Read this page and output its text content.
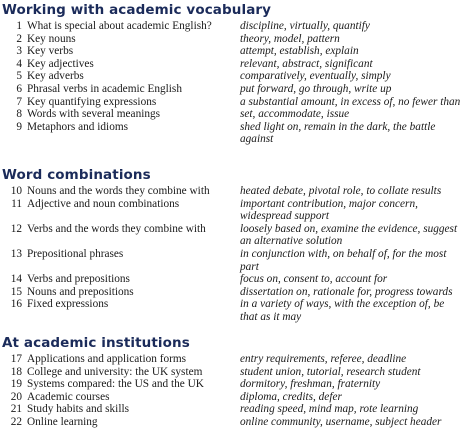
Working with academic vocabulary
1 What is special about academic English?	discipline, virtually, quantify
2 Key nouns	theory, model, pattern
3 Key verbs	attempt, establish, explain
4 Key adjectives	relevant, abstract, significant
5 Key adverbs	comparatively, eventually, simply
6 Phrasal verbs in academic English	put forward, go through, write up
7 Key quantifying expressions	a substantial amount, in excess of, no fewer than
8 Words with several meanings	set, accommodate, issue
9 Metaphors and idioms	shed light on, remain in the dark, the battle against
Word combinations
10 Nouns and the words they combine with	heated debate, pivotal role, to collate results
11 Adjective and noun combinations	important contribution, major concern, widespread support
12 Verbs and the words they combine with	loosely based on, examine the evidence, suggest an alternative solution
13 Prepositional phrases	in conjunction with, on behalf of, for the most part
14 Verbs and prepositions	focus on, consent to, account for
15 Nouns and prepositions	dissertation on, rationale for, progress towards
16 Fixed expressions	in a variety of ways, with the exception of, be that as it may
At academic institutions
17 Applications and application forms	entry requirements, referee, deadline
18 College and university: the UK system	student union, tutorial, research student
19 Systems compared: the US and the UK	dormitory, freshman, fraternity
20 Academic courses	diploma, credits, defer
21 Study habits and skills	reading speed, mind map, rote learning
22 Online learning	online community, username, subject header
